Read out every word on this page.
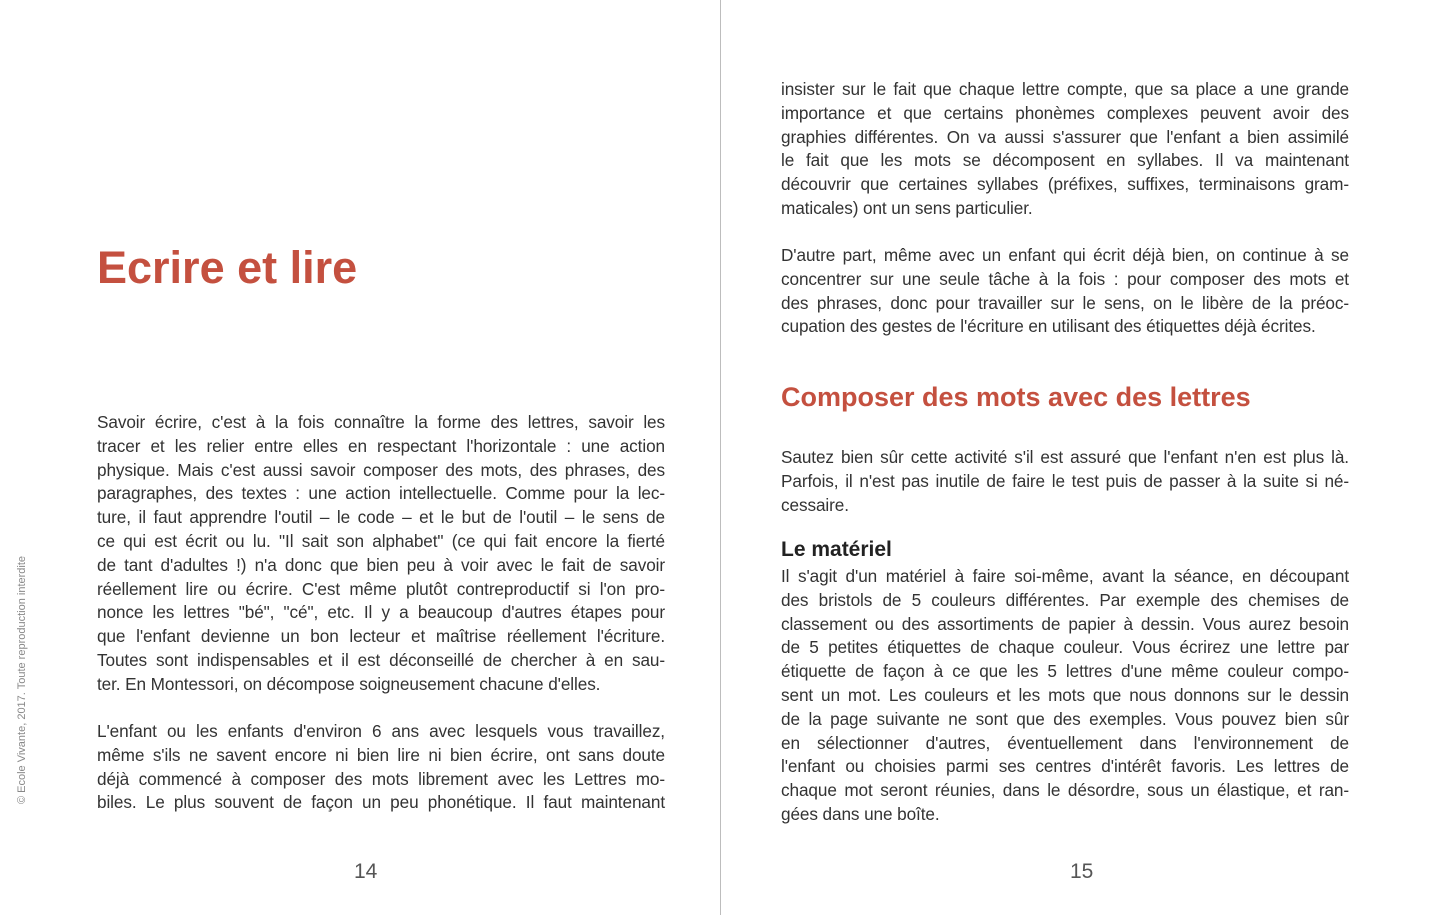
© Ecole Vivante, 2017. Toute reproduction interdite
Ecrire et lire
Savoir écrire, c'est à la fois connaître la forme des lettres, savoir les
tracer et les relier entre elles en respectant l'horizontale : une action
physique. Mais c'est aussi savoir composer des mots, des phrases, des
paragraphes, des textes : une action intellectuelle. Comme pour la lec-
ture, il faut apprendre l'outil – le code – et le but de l'outil – le sens de
ce qui est écrit ou lu. "Il sait son alphabet" (ce qui fait encore la fierté
de tant d'adultes !) n'a donc que bien peu à voir avec le fait de savoir
réellement lire ou écrire. C'est même plutôt contreproductif si l'on pro-
nonce les lettres "bé", "cé", etc. Il y a beaucoup d'autres étapes pour
que l'enfant devienne un bon lecteur et maîtrise réellement l'écriture.
Toutes sont indispensables et il est déconseillé de chercher à en sau-
ter. En Montessori, on décompose soigneusement chacune d'elles.
L'enfant ou les enfants d'environ 6 ans avec lesquels vous travaillez,
même s'ils ne savent encore ni bien lire ni bien écrire, ont sans doute
déjà commencé à composer des mots librement avec les Lettres mo-
biles. Le plus souvent de façon un peu phonétique. Il faut maintenant
14
insister sur le fait que chaque lettre compte, que sa place a une grande
importance et que certains phonèmes complexes peuvent avoir des
graphies différentes. On va aussi s'assurer que l'enfant a bien assimilé
le fait que les mots se décomposent en syllabes. Il va maintenant
découvrir que certaines syllabes (préfixes, suffixes, terminaisons gram-
maticales) ont un sens particulier.
D'autre part, même avec un enfant qui écrit déjà bien, on continue à se
concentrer sur une seule tâche à la fois : pour composer des mots et
des phrases, donc pour travailler sur le sens, on le libère de la préoc-
cupation des gestes de l'écriture en utilisant des étiquettes déjà écrites.
Composer des mots avec des lettres
Sautez bien sûr cette activité s'il est assuré que l'enfant n'en est plus là.
Parfois, il n'est pas inutile de faire le test puis de passer à la suite si né-
cessaire.
Le matériel
Il s'agit d'un matériel à faire soi-même, avant la séance, en découpant
des bristols de 5 couleurs différentes. Par exemple des chemises de
classement ou des assortiments de papier à dessin. Vous aurez besoin
de 5 petites étiquettes de chaque couleur. Vous écrirez une lettre par
étiquette de façon à ce que les 5 lettres d'une même couleur compo-
sent un mot. Les couleurs et les mots que nous donnons sur le dessin
de la page suivante ne sont que des exemples. Vous pouvez bien sûr
en sélectionner d'autres, éventuellement dans l'environnement de
l'enfant ou choisies parmi ses centres d'intérêt favoris. Les lettres de
chaque mot seront réunies, dans le désordre, sous un élastique, et ran-
gées dans une boîte.
15
